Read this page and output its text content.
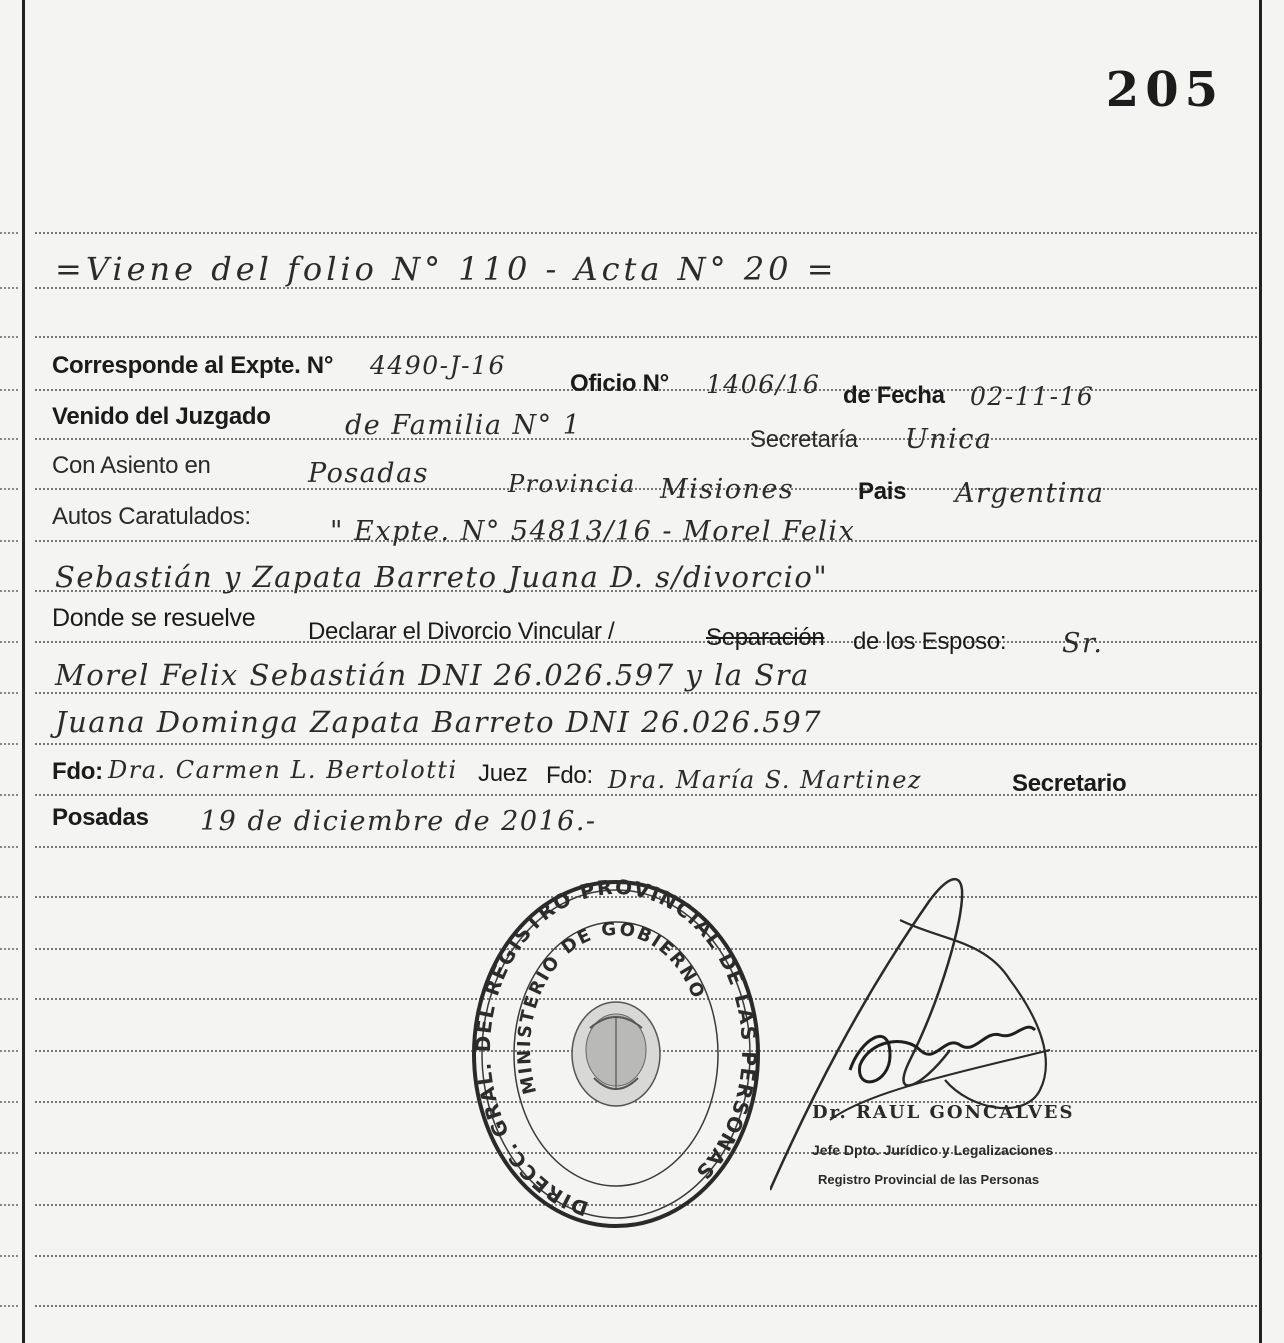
205
=Viene del folio N° 110 - Acta N° 20 =
Corresponde al Expte. N° 4490-J-16
Oficio N° 1406/16 de Fecha 02-11-16
Venido del Juzgado	de Familia N° 1	Secretaría Unica
Con Asiento en	Posadas	Provincia Misiones	Pais Argentina
Autos Caratulados:	" Expte. N° 54813/16 - Morel Felix
Sebastián y Zapata Barreto Juana D. s/divorcio"
Donde se resuelve Declarar el Divorcio Vincular /	Separación de los Esposo: Sr.
Morel Felix Sebastián DNI 26.026.597 y la Sra
Juana Dominga Zapata Barreto DNI 26.026.597
Fdo: Dra. Carmen L. Bertolotti Juez Fdo: Dra. María S. Martinez	Secretario
Posadas 19 de diciembre de 2016.-
DIRECC. GRAL. DEL REGISTRO PROVINCIAL DE LAS PERSONAS
MINISTERIO DE GOBIERNO
Dr. RAUL GONCALVES
Jefe Dpto. Jurídico y Legalizaciones
Registro Provincial de las Personas
